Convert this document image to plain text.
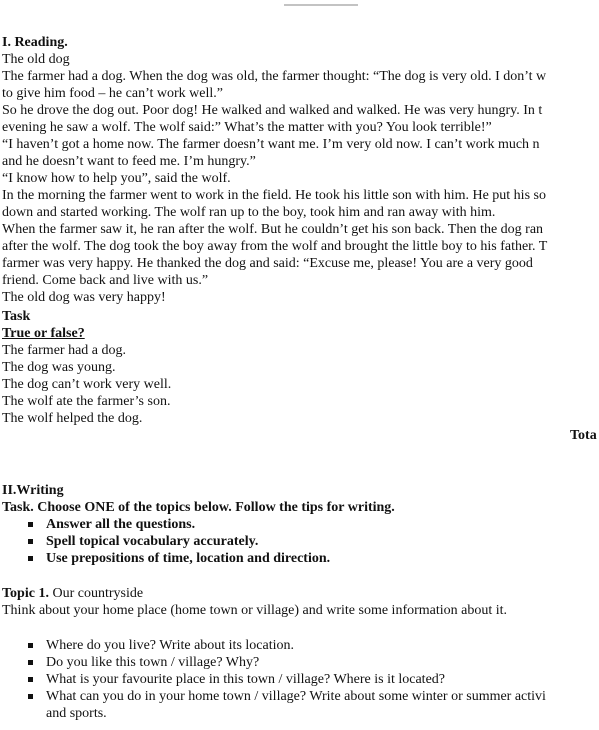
I. Reading.
The old dog
The farmer had a dog. When the dog was old, the farmer thought: “The dog is very old. I don’t w
to give him food – he can’t work well.”
So he drove the dog out. Poor dog! He walked and walked and walked. He was very hungry. In t
evening he saw a wolf. The wolf said:” What’s the matter with you? You look terrible!”
“I haven’t got a home now. The farmer doesn’t want me. I’m very old now. I can’t work much n
and he doesn’t want to feed me. I’m hungry.”
“I know how to help you”, said the wolf.
In the morning the farmer went to work in the field. He took his little son with him. He put his so
down and started working. The wolf ran up to the boy, took him and ran away with him.
When the farmer saw it, he ran after the wolf. But he couldn’t get his son back. Then the dog ran
after the wolf. The dog took the boy away from the wolf and brought the little boy to his father. T
farmer was very happy. He thanked the dog and said: “Excuse me, please! You are a very good
friend. Come back and live with us.”
The old dog was very happy!
Task
True or false?
The farmer had a dog.
The dog was young.
The dog can’t work very well.
The wolf ate the farmer’s son.
The wolf helped the dog.
Tota
II.Writing
Task. Choose ONE of the topics below. Follow the tips for writing.
Answer all the questions.
Spell topical vocabulary accurately.
Use prepositions of time, location and direction.
Topic 1. Our countryside
Think about your home place (home town or village) and write some information about it.
Where do you live? Write about its location.
Do you like this town / village? Why?
What is your favourite place in this town / village? Where is it located?
What can you do in your home town / village? Write about some winter or summer activi
and sports.
